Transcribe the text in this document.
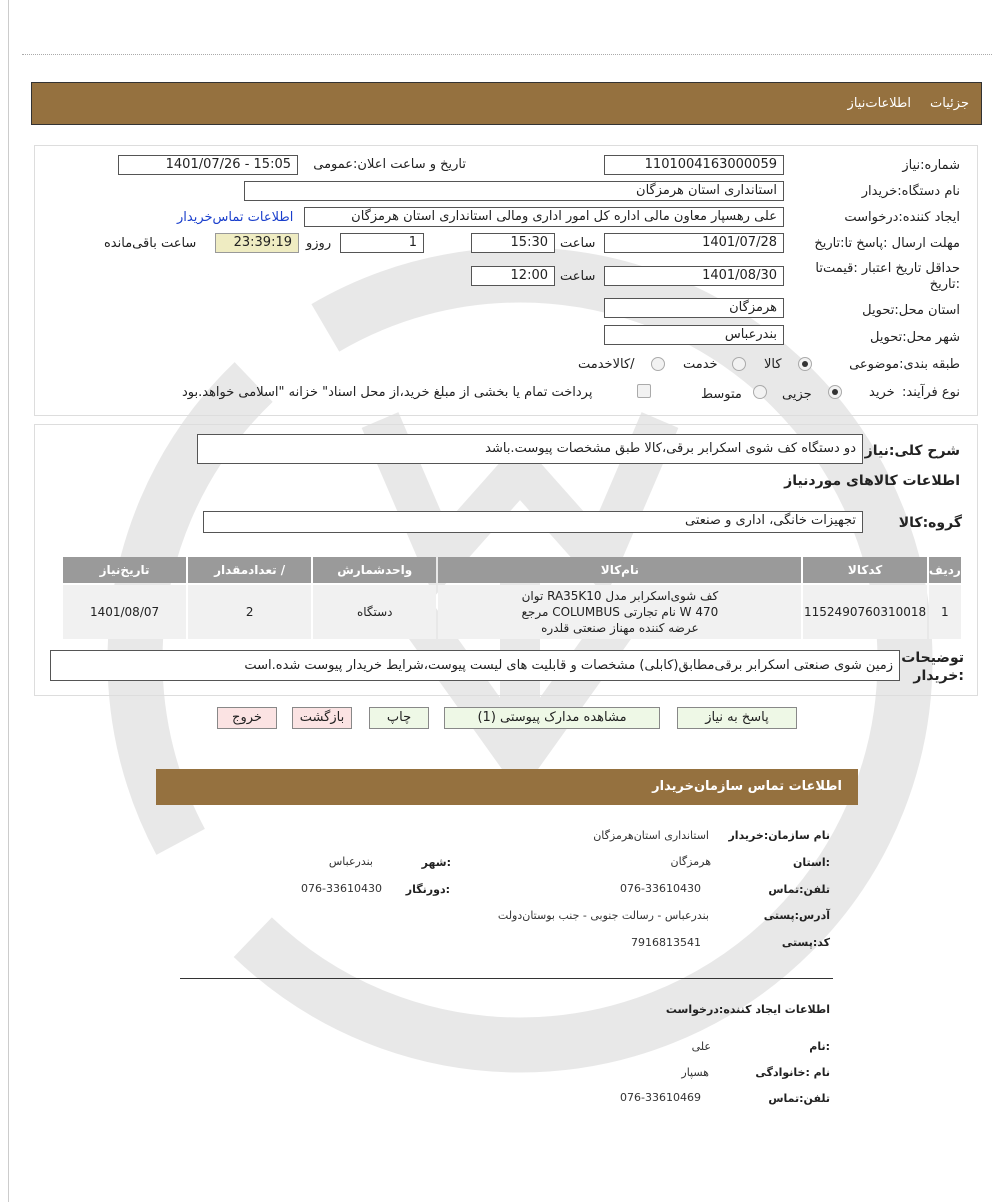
جزئیات
اطلاعات‌نیاز
شماره:نیاز
1101004163000059
تاریخ و ساعت اعلان:عمومی
1401/07/26 - 15:05
نام دستگاه:خریدار
استانداری استان هرمزگان
ایجاد کننده:درخواست
علی رهسپار معاون مالی اداره کل امور اداری ومالی استانداری استان هرمزگان
اطلاعات تماس‌خریدار
مهلت ارسال :پاسخ تا:تاریخ
1401/07/28
ساعت
15:30
1
روزو
23:39:19
ساعت باقی‌مانده
حداقل تاریخ اعتبار :قیمت‌تا
:تاریخ
1401/08/30
ساعت
12:00
استان محل:تحویل
هرمزگان
شهر محل:تحویل
بندرعباس
طبقه بندی:موضوعی
کالا
خدمت
/کالاخدمت
نوع فرآیند:
خرید
جزیی
متوسط
پرداخت تمام یا بخشی از مبلغ خرید،از محل اسناد" خزانه "اسلامی خواهد.بود
شرح کلی:نیاز
دو دستگاه کف شوی اسکرابر برقی،کالا طبق مشخصات پیوست.باشد
اطلاعات کالاهای موردنیاز
گروه:کالا
تجهیزات خانگی، اداری و صنعتی
ردیف	کدکالا	نام‌کالا	واحدشمارش	/ تعدادمقدار	تاریخ‌نیاز
1	1152490760310018	کف شوی‌اسکرابر مدل RA35K10 توان
470 W نام تجارتی COLUMBUS مرجع
عرضه کننده مهناز صنعتی قلدره	دستگاه	2	1401/08/07
توضیحات
:خریدار
زمین شوی صنعتی اسکرابر برقی‌مطابق(کابلی) مشخصات و قابلیت های لیست پیوست،شرایط خریدار پیوست شده.است
پاسخ به نیاز
مشاهده مدارک پیوستی (1)
چاپ
بازگشت
خروج
اطلاعات تماس سازمان‌خریدار
نام سازمان:خریدار
استانداری استان‌هرمزگان
:استان
هرمزگان
:شهر
بندرعباس
تلفن:تماس
076-33610430
:دورنگار
076-33610430
آدرس:پستی
بندرعباس - رسالت جنوبی - جنب بوستان‌دولت
کد:پستی
7916813541
اطلاعات ایجاد کننده:درخواست
:نام
علی
نام :خانوادگی
هسپار
تلفن:تماس
076-33610469
